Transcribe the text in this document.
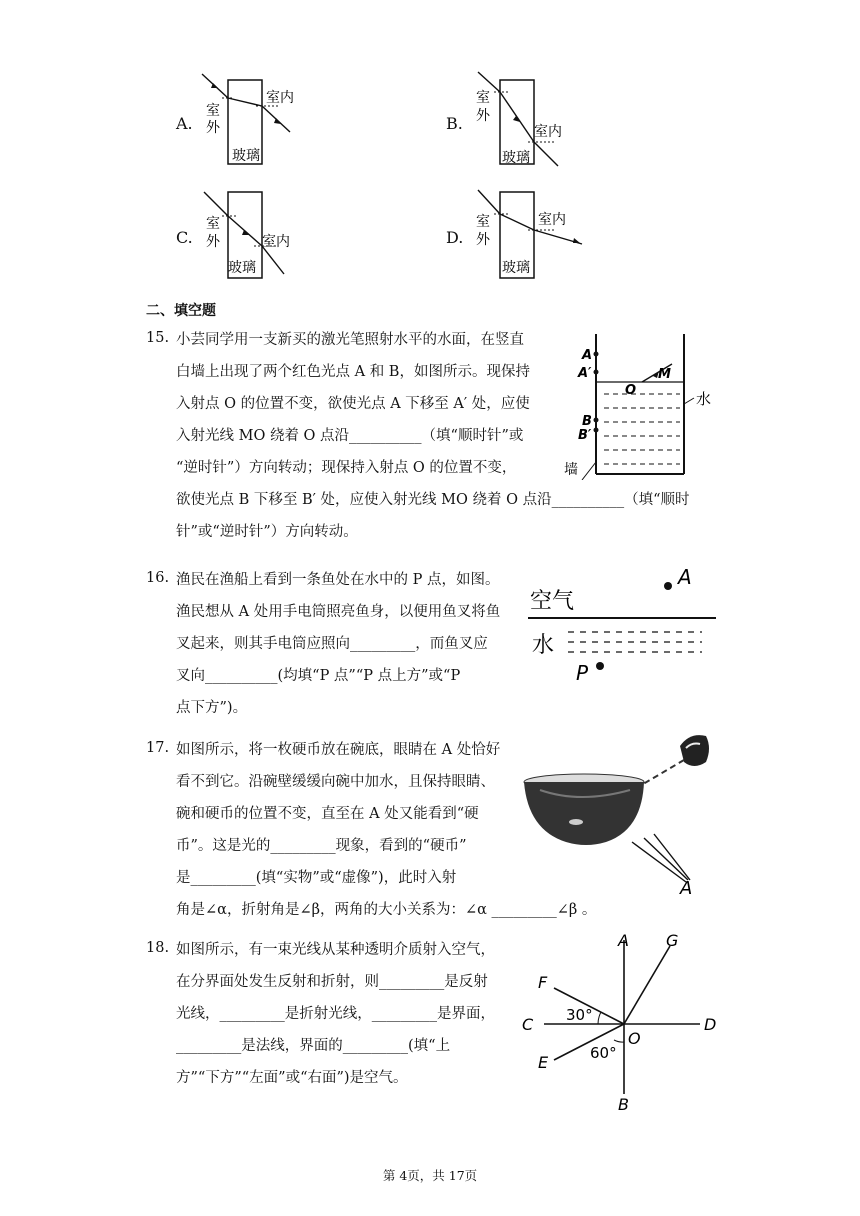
A.
室
外
室内
玻璃
B.
室
外
室内
玻璃
C.
室
外	室内
玻璃
D.
室
外
室内
玻璃
二、填空题
15. 小芸同学用一支新买的激光笔照射水平的水面，在竖直
白墙上出现了两个红色光点 A 和 B，如图所示。现保持
入射点 O 的位置不变，欲使光点 A 下移至 A′ 处，应使
入射光线 MO 绕着 O 点沿__________（填“顺时针”或
“逆时针”）方向转动；现保持入射点 O 的位置不变，
欲使光点 B 下移至 B′ 处，应使入射光线 MO 绕着 O 点沿__________（填“顺时
针”或“逆时针”）方向转动。
A
A′
B
B′
O
M
水
墙
16. 渔民在渔船上看到一条鱼处在水中的 P 点，如图。
渔民想从 A 处用手电筒照亮鱼身，以便用鱼叉将鱼
叉起来，则其手电筒应照向_________，而鱼叉应
叉向__________(均填“P 点”“P 点上方”或“P
点下方”)。
空气
水
A
P
17. 如图所示，将一枚硬币放在碗底，眼睛在 A 处恰好
看不到它。沿碗壁缓缓向碗中加水，且保持眼睛、
碗和硬币的位置不变，直至在 A 处又能看到“硬
币”。这是光的_________现象，看到的“硬币”
是_________(填“实物”或“虚像”)，此时入射
角是∠α，折射角是∠β，两角的大小关系为：∠α _________∠β 。
A
18. 如图所示，有一束光线从某种透明介质射入空气，
在分界面处发生反射和折射，则_________是反射
光线，_________是折射光线，_________是界面，
_________是法线，界面的_________(填“上
方”“下方”“左面”或“右面”)是空气。
A G
F
C	D
E
O
B
30°
60°
第 4页，共 17页
